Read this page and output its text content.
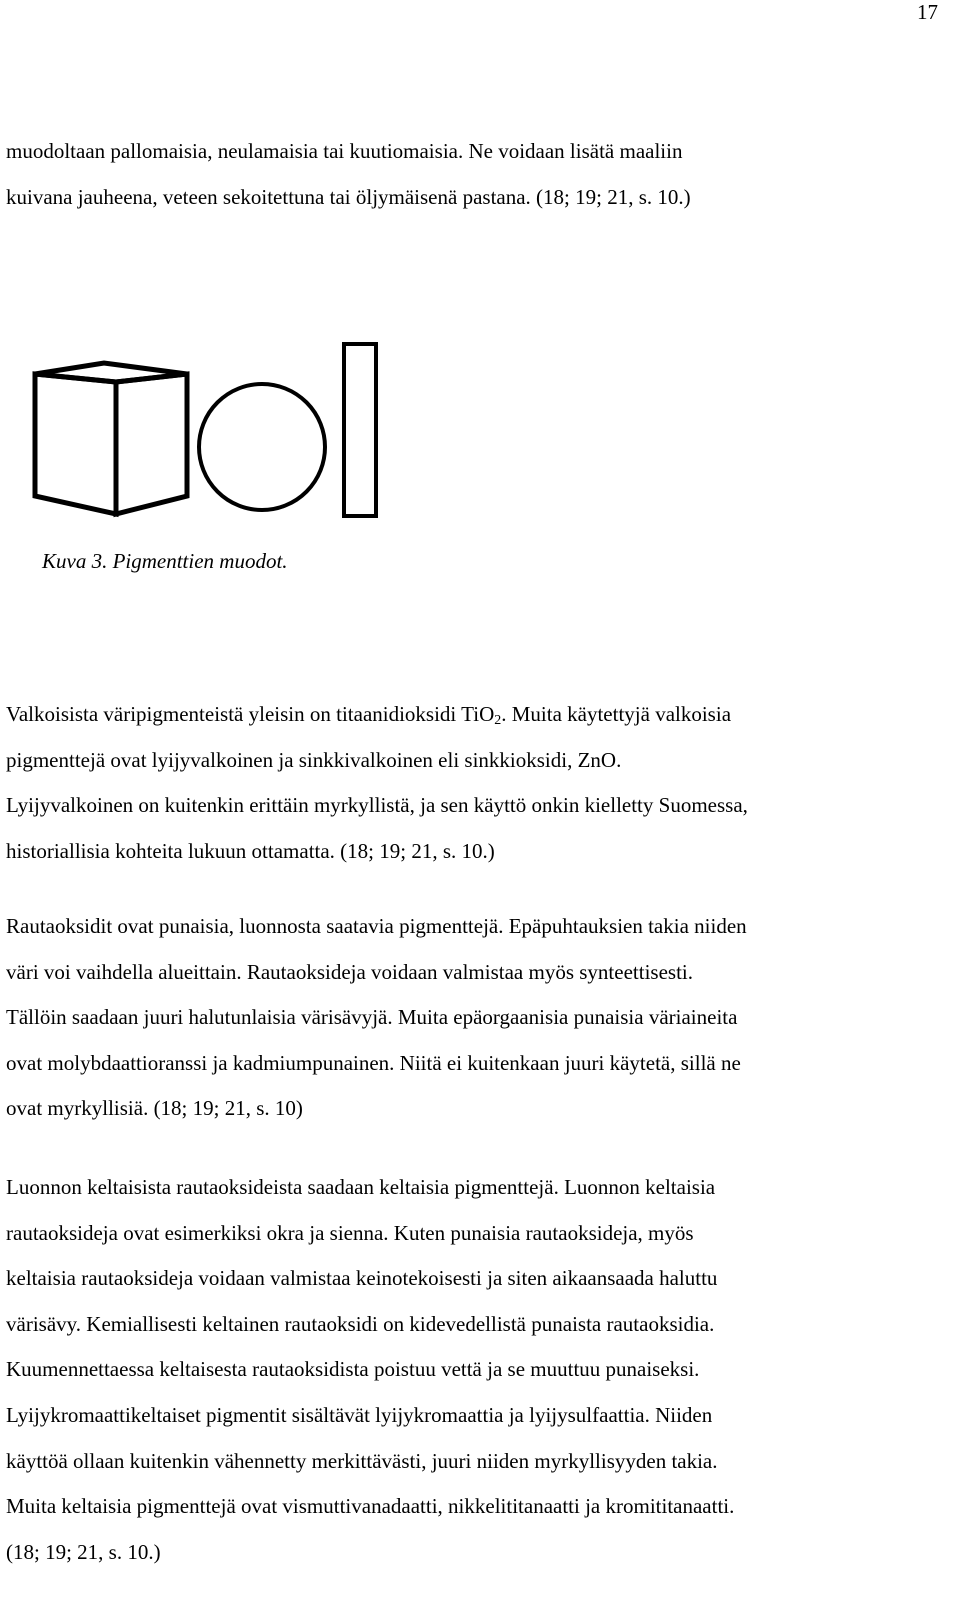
17

muodoltaan pallomaisia, neulamaisia tai kuutiomaisia. Ne voidaan lisätä maaliin
kuivana jauheena, veteen sekoitettuna tai öljymäisenä pastana. (18; 19; 21, s. 10.)

Kuva 3. Pigmenttien muodot.

Valkoisista väripigmenteistä yleisin on titaanidioksidi TiO$_2$. Muita käytettyjä valkoisia
pigmenttejä ovat lyijyvalkoinen ja sinkkivalkoinen eli sinkkioksidi, ZnO.
Lyijyvalkoinen on kuitenkin erittäin myrkyllistä, ja sen käyttö onkin kielletty Suomessa,
historiallisia kohteita lukuun ottamatta. (18; 19; 21, s. 10.)

Rautaoksidit ovat punaisia, luonnosta saatavia pigmenttejä. Epäpuhtauksien takia niiden
väri voi vaihdella alueittain. Rautaoksideja voidaan valmistaa myös synteettisesti.
Tällöin saadaan juuri halutunlaisia värisävyjä. Muita epäorgaanisia punaisia väriaineita
ovat molybdaattioranssi ja kadmiumpunainen. Niitä ei kuitenkaan juuri käytetä, sillä ne
ovat myrkyllisiä. (18; 19; 21, s. 10)

Luonnon keltaisista rautaoksideista saadaan keltaisia pigmenttejä. Luonnon keltaisia
rautaoksideja ovat esimerkiksi okra ja sienna. Kuten punaisia rautaoksideja, myös
keltaisia rautaoksideja voidaan valmistaa keinotekoisesti ja siten aikaansaada haluttu
värisävy. Kemiallisesti keltainen rautaoksidi on kidevedellistä punaista rautaoksidia.
Kuumennettaessa keltaisesta rautaoksidista poistuu vettä ja se muuttuu punaiseksi.
Lyijykromaattikeltaiset pigmentit sisältävät lyijykromaattia ja lyijysulfaattia. Niiden
käyttöä ollaan kuitenkin vähennetty merkittävästi, juuri niiden myrkyllisyyden takia.
Muita keltaisia pigmenttejä ovat vismuttivanadaatti, nikkelititanaatti ja kromititanaatti.
(18; 19; 21, s. 10.)
